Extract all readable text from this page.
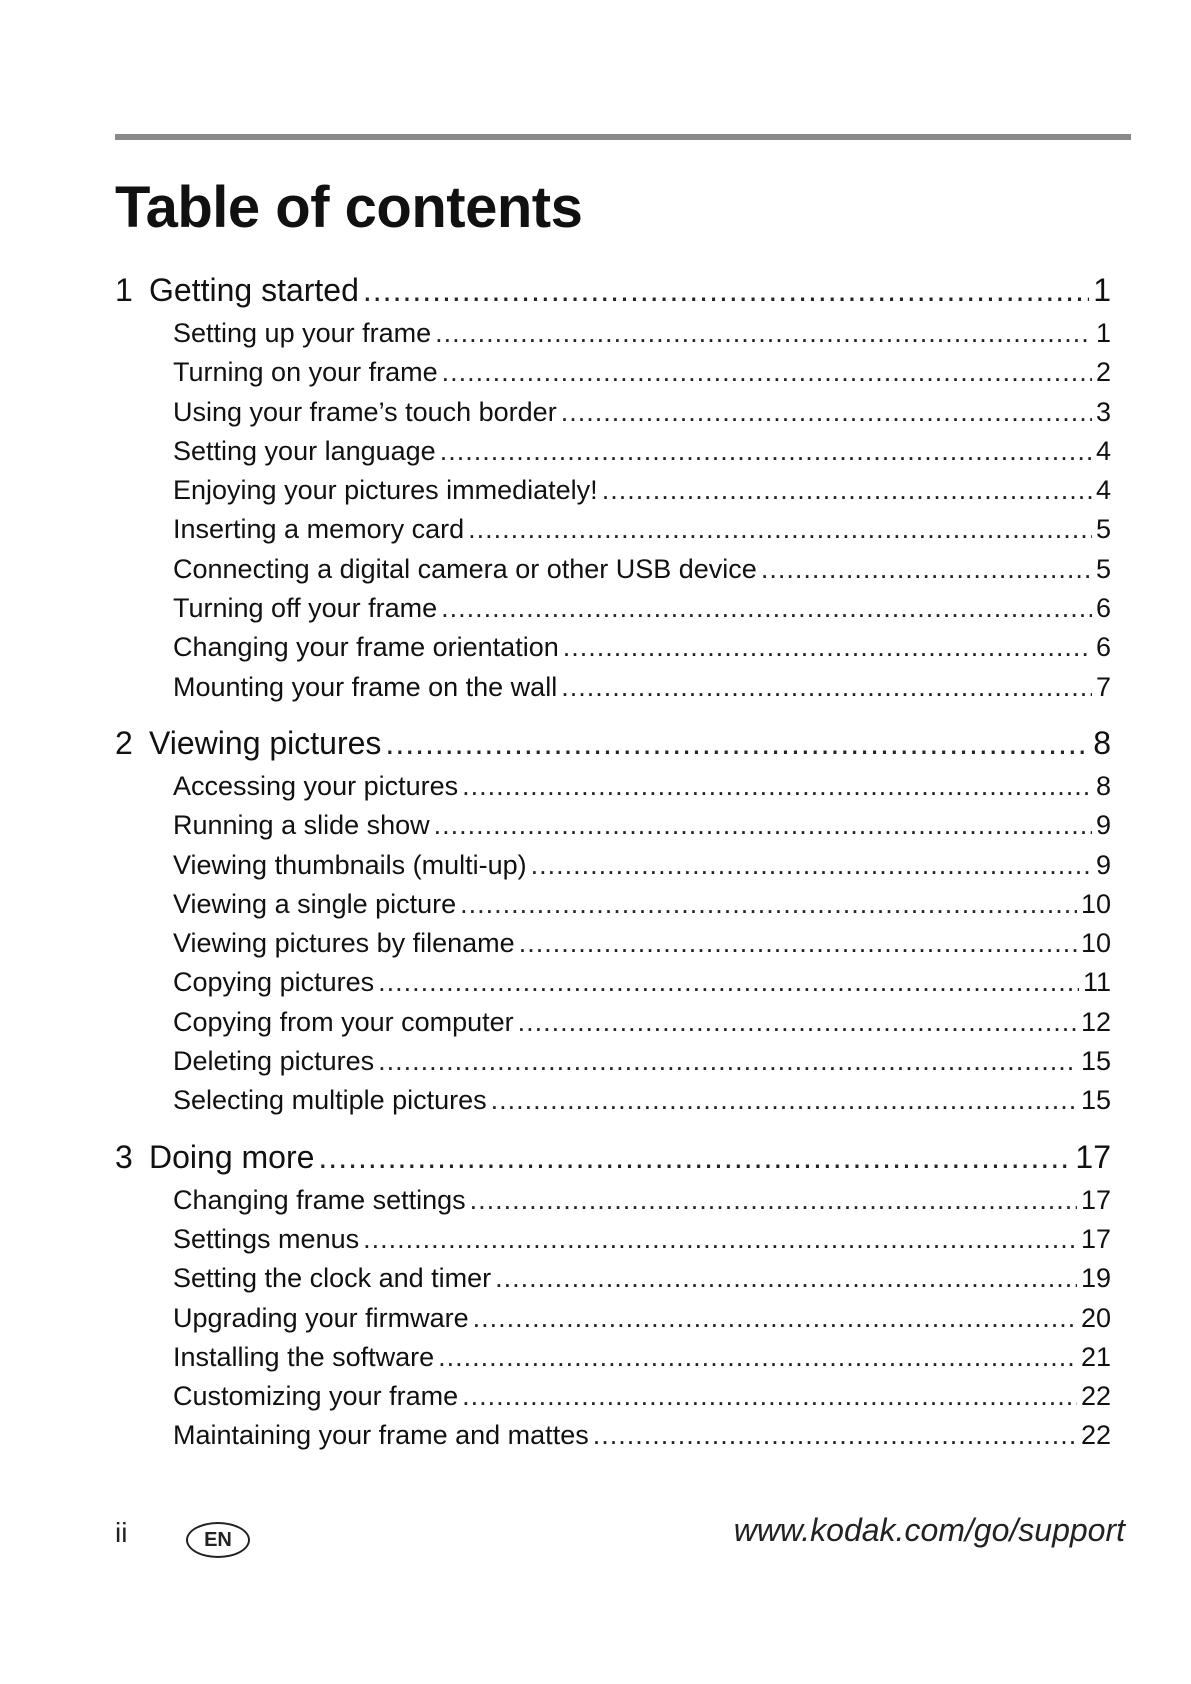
Table of contents
1 Getting started .....	1
Setting up your frame .....	1
Turning on your frame .....	2
Using your frame’s touch border .....	3
Setting your language .....	4
Enjoying your pictures immediately! .....	4
Inserting a memory card .....	5
Connecting a digital camera or other USB device .....	5
Turning off your frame .....	6
Changing your frame orientation .....	6
Mounting your frame on the wall .....	7
2 Viewing pictures .....	8
Accessing your pictures .....	8
Running a slide show .....	9
Viewing thumbnails (multi-up) .....	9
Viewing a single picture .....	10
Viewing pictures by filename .....	10
Copying pictures .....	11
Copying from your computer .....	12
Deleting pictures .....	15
Selecting multiple pictures .....	15
3 Doing more .....	17
Changing frame settings .....	17
Settings menus .....	17
Setting the clock and timer .....	19
Upgrading your firmware .....	20
Installing the software .....	21
Customizing your frame .....	22
Maintaining your frame and mattes .....	22
ii	EN	www.kodak.com/go/support
